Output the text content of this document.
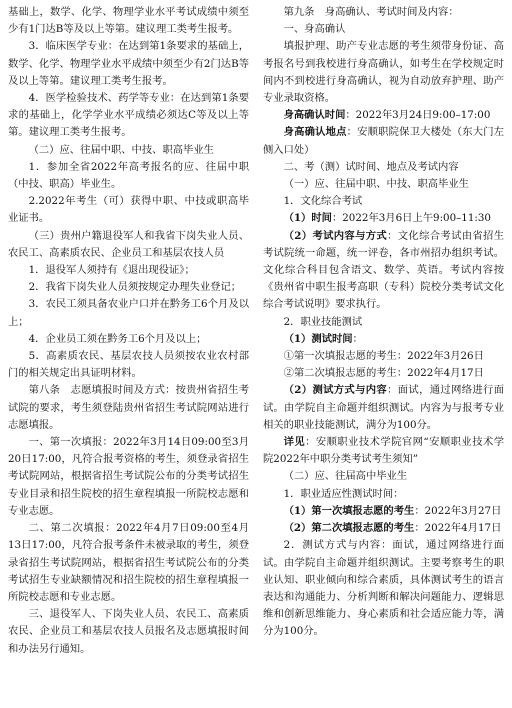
基础上，数学、化学、物理学业水平考试成绩中须至少有1门达B等及以上等第。建议理工类考生报考。

3．临床医学专业：在达到第1条要求的基础上，数学、化学、物理学业水平成绩中须至少有2门达B等及以上等第。建议理工类考生报考。

4．医学检验技术、药学等专业：在达到第1条要求的基础上，化学学业水平成绩必须达C等及以上等第。建议理工类考生报考。

（二）应、往届中职、中技、职高毕业生

1．参加全省2022年高考报名的应、往届中职（中技、职高）毕业生。

2.2022年考生（可）获得中职、中技或职高毕业证书。

（三）贵州户籍退役军人和我省下岗失业人员、农民工、高素质农民、企业员工和基层农技人员

1．退役军人须持有《退出现役证》；

2．我省下岗失业人员须按规定办理失业登记；

3．农民工须具备农业户口并在黔务工6个月及以上；

4．企业员工须在黔务工6个月及以上；

5．高素质农民、基层农技人员须按农业农村部门的相关规定出具证明材料。

第八条　志愿填报时间及方式：按贵州省招生考试院的要求，考生须登陆贵州省招生考试院网站进行志愿填报。

一、第一次填报：2022年3月14日09:00至3月20日17:00，凡符合报考资格的考生，须登录省招生考试院网站，根据省招生考试院公布的分类考试招生专业目录和招生院校的招生章程填报一所院校志愿和专业志愿。

二、第二次填报：2022年4月7日09:00至4月13日17:00，凡符合报考条件未被录取的考生，须登录省招生考试院网站，根据省招生考试院公布的分类考试招生专业缺额情况和招生院校的招生章程填报一所院校志愿和专业志愿。

三、退役军人、下岗失业人员、农民工、高素质农民、企业员工和基层农技人员报名及志愿填报时间和办法另行通知。

第九条　身高确认、考试时间及内容：

一、身高确认

填报护理、助产专业志愿的考生须带身份证、高考报名号到我校进行身高确认，如考生在学校规定时间内不到校进行身高确认，视为自动放弃护理、助产专业录取资格。

身高确认时间：2022年3月24日9:00–17:00

身高确认地点：安顺职院保卫大楼处（东大门左侧入口处）

二、考（测）试时间、地点及考试内容

（一）应、往届中职、中技、职高毕业生

1．文化综合考试

（1）时间：2022年3月6日上午9:00–11:30

（2）考试内容与方式：文化综合考试由省招生考试院统一命题，统一评卷，各市州招办组织考试。文化综合科目包含语文、数学、英语。考试内容按《贵州省中职生报考高职（专科）院校分类考试文化综合考试说明》要求执行。

2．职业技能测试

（1）测试时间：

①第一次填报志愿的考生：2022年3月26日

②第二次填报志愿的考生：2022年4月17日

（2）测试方式与内容：面试，通过网络进行面试。由学院自主命题并组织测试。内容为与报考专业相关的职业技能测试，满分为100分。

详见：安顺职业技术学院官网“安顺职业技术学院2022年中职分类考试考生须知”

（二）应、往届高中毕业生

1．职业适应性测试时间：

（1）第一次填报志愿的考生：2022年3月27日

（2）第二次填报志愿的考生：2022年4月17日

2．测试方式与内容：面试，通过网络进行面试。由学院自主命题并组织测试。主要考察考生的职业认知、职业倾向和综合素质，具体测试考生的语言表达和沟通能力、分析判断和解决问题能力、逻辑思维和创新思维能力、身心素质和社会适应能力等，满分为100分。
